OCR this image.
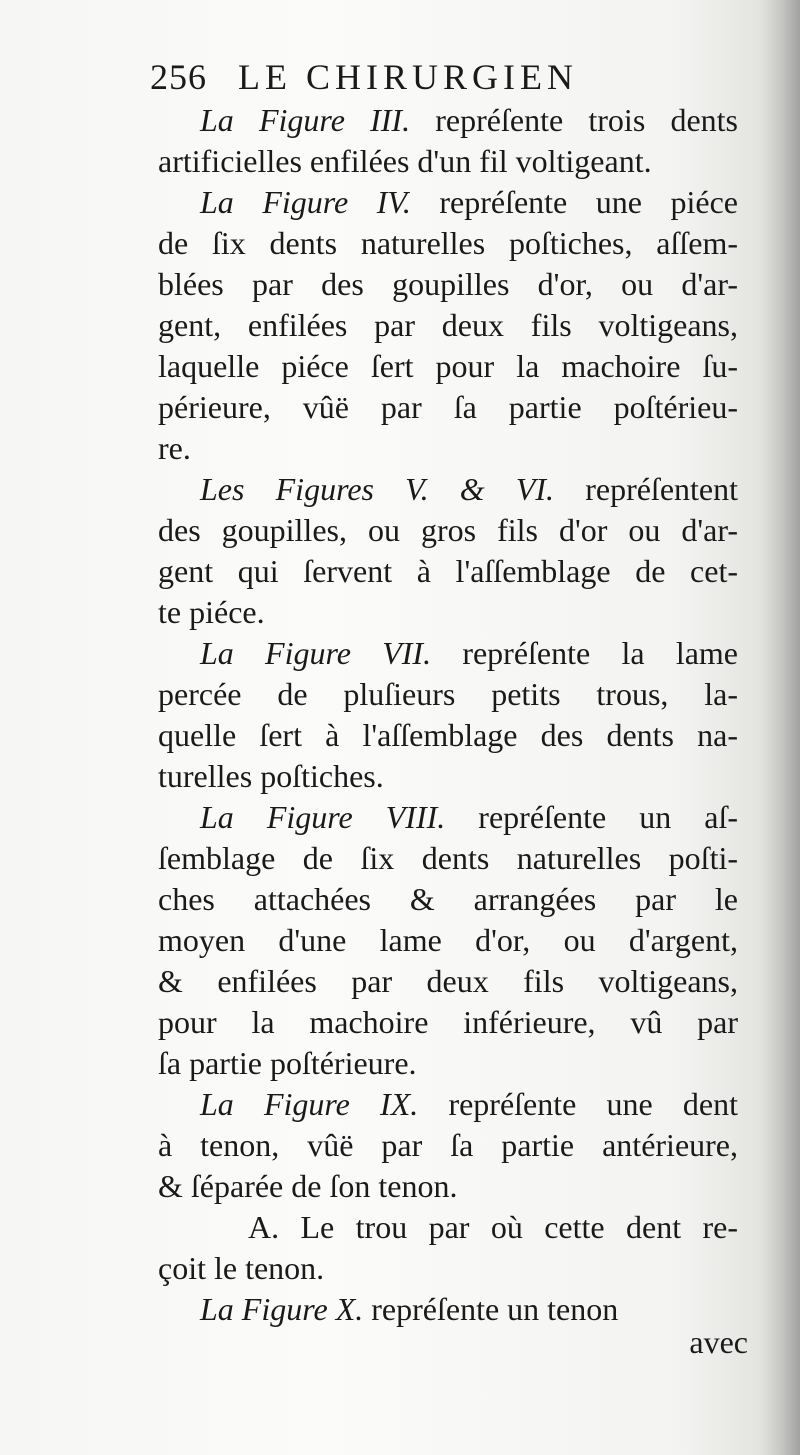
256 LE CHIRURGIEN
La Figure III. repréſente trois dents
artificielles enfilées d'un fil voltigeant.
La Figure IV. repréſente une piéce
de ſix dents naturelles poſtiches, aſſem-
blées par des goupilles d'or, ou d'ar-
gent, enfilées par deux fils voltigeans,
laquelle piéce ſert pour la machoire ſu-
périeure, vûë par ſa partie poſtérieu-
re.
Les Figures V. & VI. repréſentent
des goupilles, ou gros fils d'or ou d'ar-
gent qui ſervent à l'aſſemblage de cet-
te piéce.
La Figure VII. repréſente la lame
percée de pluſieurs petits trous, la-
quelle ſert à l'aſſemblage des dents na-
turelles poſtiches.
La Figure VIII. repréſente un aſ-
ſemblage de ſix dents naturelles poſti-
ches attachées & arrangées par le
moyen d'une lame d'or, ou d'argent,
& enfilées par deux fils voltigeans,
pour la machoire inférieure, vû par
ſa partie poſtérieure.
La Figure IX. repréſente une dent
à tenon, vûë par ſa partie antérieure,
& ſéparée de ſon tenon.
A. Le trou par où cette dent re-
çoit le tenon.
La Figure X. repréſente un tenon
avec
